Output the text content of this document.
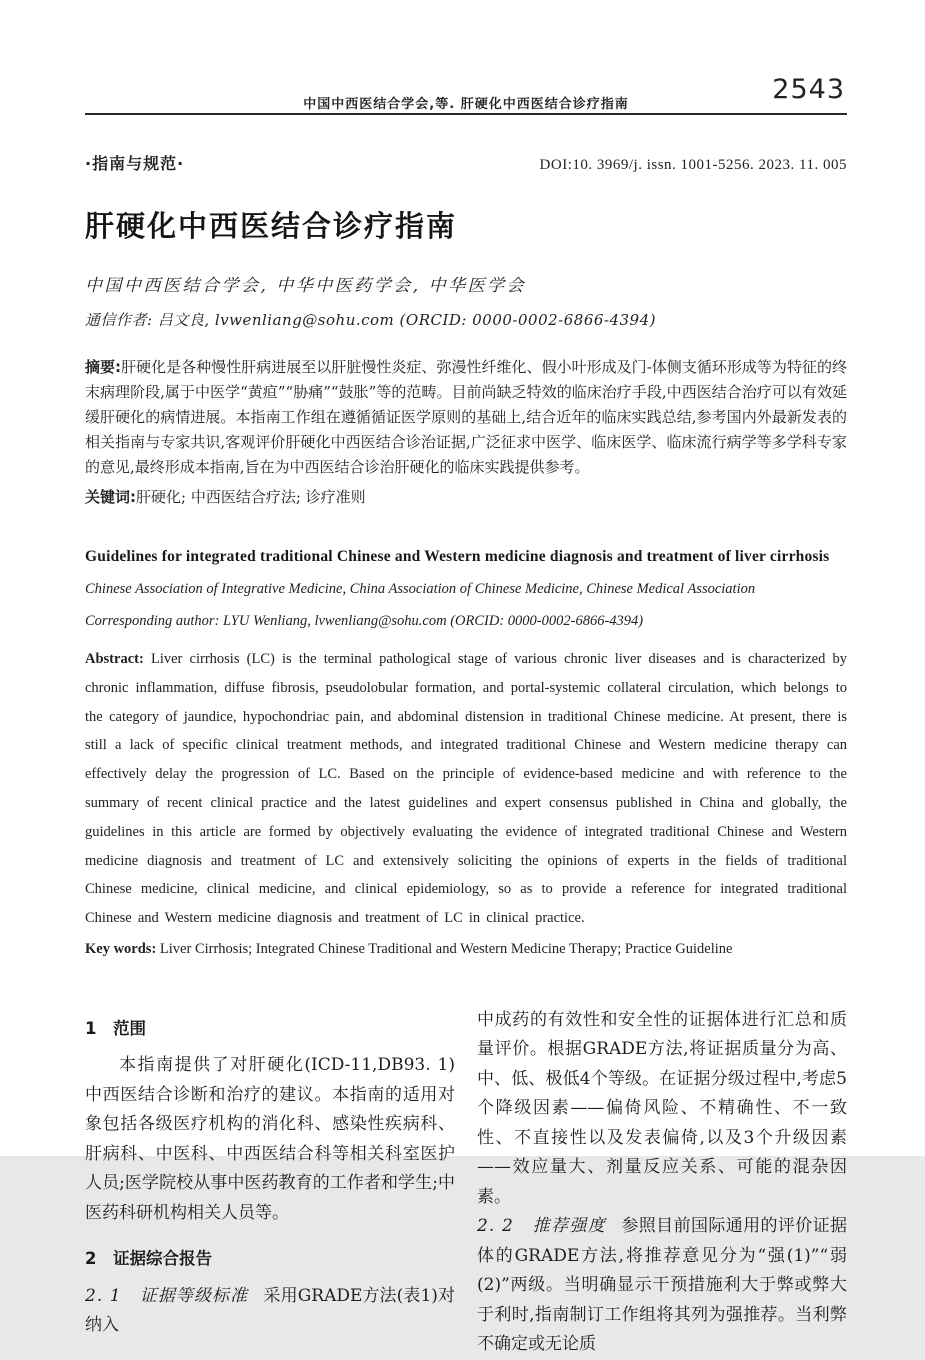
中国中西医结合学会,等. 肝硬化中西医结合诊疗指南	2543
·指南与规范·	DOI:10. 3969/j. issn. 1001-5256. 2023. 11. 005
肝硬化中西医结合诊疗指南
中国中西医结合学会, 中华中医药学会, 中华医学会
通信作者: 吕文良, lvwenliang@sohu.com (ORCID: 0000-0002-6866-4394)

摘要:肝硬化是各种慢性肝病进展至以肝脏慢性炎症、弥漫性纤维化、假小叶形成及门-体侧支循环形成等为特征的终末病理阶段,属于中医学“黄疸”“胁痛”“鼓胀”等的范畴。目前尚缺乏特效的临床治疗手段,中西医结合治疗可以有效延缓肝硬化的病情进展。本指南工作组在遵循循证医学原则的基础上,结合近年的临床实践总结,参考国内外最新发表的相关指南与专家共识,客观评价肝硬化中西医结合诊治证据,广泛征求中医学、临床医学、临床流行病学等多学科专家的意见,最终形成本指南,旨在为中西医结合诊治肝硬化的临床实践提供参考。

关键词:肝硬化; 中西医结合疗法; 诊疗准则

Guidelines for integrated traditional Chinese and Western medicine diagnosis and treatment of liver cirrhosis
Chinese Association of Integrative Medicine, China Association of Chinese Medicine, Chinese Medical Association
Corresponding author: LYU Wenliang, lvwenliang@sohu.com (ORCID: 0000-0002-6866-4394)

Abstract: Liver cirrhosis (LC) is the terminal pathological stage of various chronic liver diseases and is characterized by chronic inflammation, diffuse fibrosis, pseudolobular formation, and portal-systemic collateral circulation, which belongs to the category of jaundice, hypochondriac pain, and abdominal distension in traditional Chinese medicine. At present, there is still a lack of specific clinical treatment methods, and integrated traditional Chinese and Western medicine therapy can effectively delay the progression of LC. Based on the principle of evidence-based medicine and with reference to the summary of recent clinical practice and the latest guidelines and expert consensus published in China and globally, the guidelines in this article are formed by objectively evaluating the evidence of integrated traditional Chinese and Western medicine diagnosis and treatment of LC and extensively soliciting the opinions of experts in the fields of traditional Chinese medicine, clinical medicine, and clinical epidemiology, so as to provide a reference for integrated traditional Chinese and Western medicine diagnosis and treatment of LC in clinical practice.

Key words: Liver Cirrhosis; Integrated Chinese Traditional and Western Medicine Therapy; Practice Guideline

1　范围

本指南提供了对肝硬化(ICD-11,DB93. 1)中西医结合诊断和治疗的建议。本指南的适用对象包括各级医疗机构的消化科、感染性疾病科、肝病科、中医科、中西医结合科等相关科室医护人员;医学院校从事中医药教育的工作者和学生;中医药科研机构相关人员等。

2　证据综合报告

2. 1　证据等级标准 采用GRADE方法(表1)对纳入

中成药的有效性和安全性的证据体进行汇总和质量评价。根据GRADE方法,将证据质量分为高、中、低、极低4个等级。在证据分级过程中,考虑5个降级因素——偏倚风险、不精确性、不一致性、不直接性以及发表偏倚,以及3个升级因素——效应量大、剂量反应关系、可能的混杂因素。

2. 2　推荐强度 参照目前国际通用的评价证据体的GRADE方法,将推荐意见分为“强(1)”“弱(2)”两级。当明确显示干预措施利大于弊或弊大于利时,指南制订工作组将其列为强推荐。当利弊不确定或无论质
